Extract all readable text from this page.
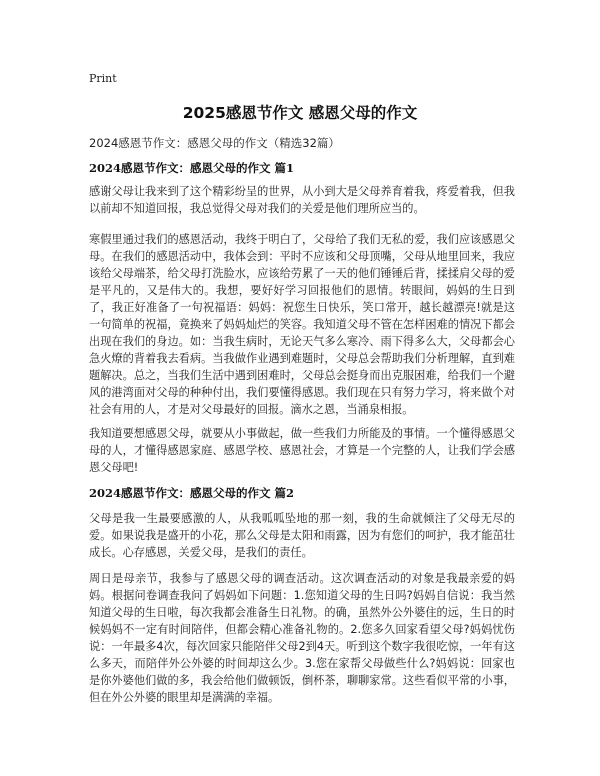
Print
2025感恩节作文 感恩父母的作文
2024感恩节作文：感恩父母的作文（精选32篇）
2024感恩节作文：感恩父母的作文 篇1

感谢父母让我来到了这个精彩纷呈的世界，从小到大是父母养育着我，疼爱着我，但我以前却不知道回报，我总觉得父母对我们的关爱是他们理所应当的。

寒假里通过我们的感恩活动，我终于明白了，父母给了我们无私的爱，我们应该感恩父母。在我们的感恩活动中，我体会到：平时不应该和父母顶嘴，父母从地里回来，我应该给父母端茶，给父母打洗脸水，应该给劳累了一天的他们锤锤后背，揉揉肩父母的爱是平凡的，又是伟大的。我想，要好好学习回报他们的恩情。转眼间，妈妈的生日到了，我正好准备了一句祝福语：妈妈：祝您生日快乐，笑口常开，越长越漂亮!就是这一句简单的祝福，竟换来了妈妈灿烂的笑容。我知道父母不管在怎样困难的情况下都会出现在我们的身边。如：当我生病时，无论天气多么寒冷、雨下得多么大，父母都会心急火燎的背着我去看病。当我做作业遇到难题时，父母总会帮助我们分析理解，直到难题解决。总之，当我们生活中遇到困难时，父母总会挺身而出克服困难，给我们一个避风的港湾面对父母的种种付出，我们要懂得感恩。我们现在只有努力学习，将来做个对社会有用的人，才是对父母最好的回报。滴水之恩，当涌泉相报。

我知道要想感恩父母，就要从小事做起，做一些我们力所能及的事情。一个懂得感恩父母的人，才懂得感恩家庭、感恩学校、感恩社会，才算是一个完整的人，让我们学会感恩父母吧!

2024感恩节作文：感恩父母的作文 篇2

父母是我一生最要感激的人，从我呱呱坠地的那一刻，我的生命就倾注了父母无尽的爱。如果说我是盛开的小花，那么父母是太阳和雨露，因为有您们的呵护，我才能茁壮成长。心存感恩，关爱父母，是我们的责任。

周日是母亲节，我参与了感恩父母的调查活动。这次调查活动的对象是我最亲爱的妈妈。根据问卷调查我问了妈妈如下问题：1.您知道父母的生日吗?妈妈自信说：我当然知道父母的生日啦，每次我都会准备生日礼物。的确，虽然外公外婆住的远，生日的时候妈妈不一定有时间陪伴，但都会精心准备礼物的。2.您多久回家看望父母?妈妈忧伤说：一年最多4次，每次回家只能陪伴父母2到4天。听到这个数字我很吃惊，一年有这么多天，而陪伴外公外婆的时间却这么少。3.您在家帮父母做些什么?妈妈说：回家也是你外婆他们做的多，我会给他们做顿饭，倒杯茶，聊聊家常。这些看似平常的小事，但在外公外婆的眼里却是满满的幸福。
